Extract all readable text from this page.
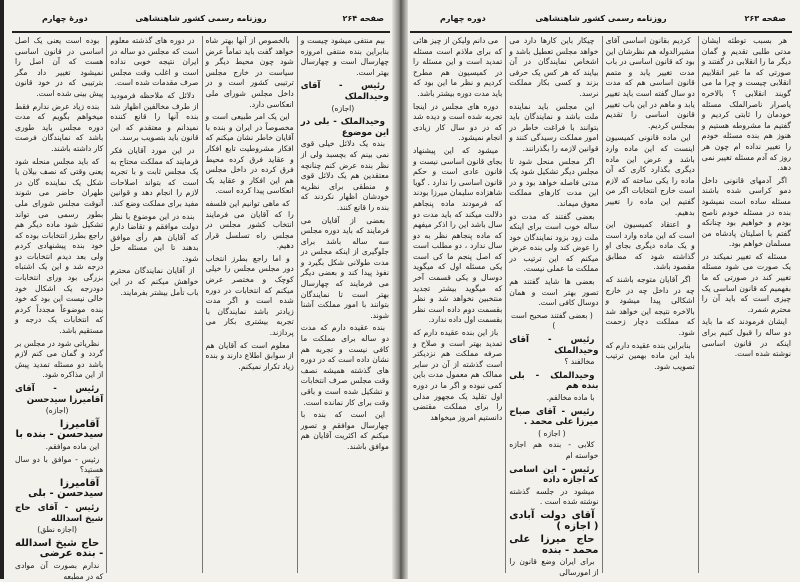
صفحه ۲۶۴
روزنامه رسمی کشور شاهنشاهی
دورهٔ چهارم

بیم منتفی میشود چیست و بنابراین بنده منتفی امروزه چهارسال است و چهارسال بهتر است.

رئیس - آقای وحیدالملک

(اجازه)

وحیدالملک - بلی در این موضوع

بنده یک دلائل خیلی قوی نمی بینم که بچسبد ولی از نظر بنده عرض کنم چنانچه معتقدین هم یک دلائل قوی و منطقی برای نظریه خودشان اظهار نکردند که بنده را قانع کنند.

بعضی از آقایان می فرمایند که باید دوره مجلس سه ساله باشد برای جلوگیری از اینکه مجلس در مدت طولانی شکل بگیرد و نفوذ پیدا کند و بعضی دیگر می فرمایند که چهارسال بهتر است تا نمایندگان بتوانند با امور مملکت آشنا شوند.

بنده عقیده دارم که مدت دو ساله برای مملکت ما کافی نیست و تجربه هم نشان داده است که در دوره های گذشته همیشه نصف وقت مجلس صرف انتخابات و تشکیل شده است و باقی وقت برای کار نمانده است.

این است که بنده با چهارسال موافقم و تصور میکنم که اکثریت آقایان هم موافق باشند.

بالخصوص از آنها بهتر شاه خواهد گفت باید تماماً عرض شود چون محیط دیگر و سیاست در خارج مجلس ترتیبی کشور است و در داخل مجلس شورای ملی انعکاسی دارد.

این یک امر طبیعی است و مخصوصاً در ایران و بنده با آقایان خاطر نشان میکنم که افکار مشروطیت تابع افکار و عقاید فرق کرده محیط فرق کرده در داخل مجلس هم این افکار و عقاید یک انعکاسی پیدا کرده است.

که ماهی توانیم این فلسفه را که آقایان می فرمایند انتخاب کشور مجلس در مجلس راه تسلسل قرار دهیم.

و اما راجع بطرز انتخاب دور مجلس مجلس را خیلی کوچک و مختصر عرض میکنم که انتخابات در دوره شده است و اگر مدت زیادتر باشد نمایندگان با تجربه بیشتری بکار می پردازند.

معلوم است که آقایان هم از سوابق اطلاع دارند و بنده زیاد تکرار نمیکنم.

در دوره های گذشته معلوم است که مجلس دو ساله در ایران نتیجه خوبی نداده است و اغلب وقت مجلس صرف مقدمات شده است.

دلائل که ملاحظه فرمودید از طرف مخالفین اظهار شد بنده آنها را قانع کننده نمیدانم و معتقدم که این قانون باید بتصویب برسد.

در این مورد آقایان فکر فرمایند که مملکت محتاج به یک مجلس ثابت و با تجربه است که بتواند اصلاحات لازم را انجام دهد و قوانین مفید برای مملکت وضع کند.

بنده در این موضوع با نظر دولت موافقم و تقاضا دارم که آقایان هم رأی موافق بدهند تا این مسئله حل شود.

از آقایان نمایندگان محترم خواهش میکنم که در این باب تأمل بیشتر بفرمایند.

بوده است یعنی یک اصل اساسی در قانون اساسی هست که آن اصل را نمیشود تغییر داد مگر بترتیبی که در خود قانون پیش بینی شده است.

بنده زیاد عرض ندارم فقط میخواهم بگویم که مدت دوره مجلس باید طوری باشد که نمایندگان فرصت کار داشته باشند.

که باید مجلس منحله شود یعنی وقتی که نصف بیلان یا شکل یک نماینده گان در طهران حاضر می شوند آنوقت مجلس شورای ملی بطور رسمی می تواند تشکیل شود ماده دیگر هم راجع بطرز انتخابات بوده که خود بنده پیشنهادی کردم ولی بعد دیدم انتخابات دو درجه شد و این یک اشتباه بزرگی بود ورای انتخابات دودرجه یک اشکال خود خالی نیست این بود که خود بنده موضوعاً مجدداً کردم که انتخابات یک درجه و مستقیم باشد.

نظریاتی شود در مجلس بر گردد و گمان می کنم لازم باشد دو مسئله تمدید پیش از این مذاکره شود.

رئیس - آقای آقامیرزا سیدحسن

(اجازه)

آقامیرزا سیدحسن - بنده با

این ماده موافقم.

رئیس - موافق با دو سال هستید؟

آقامیرزا سیدحسن - بلی

رئیس - آقای حاج شیخ اسدالله

(اجازه نطق)

حاج شیخ اسدالله - بنده عرضی

ندارم بصورت آن موادی که در مطبعه

صفحه ۲۶۳
روزنامه رسمی کشور شاهنشاهی
دوره چهارم

هر بسبب توطئه ایشان مدتی طلبی تقدیم و گمان دیگر ما را انقلابی در گفتند و صورتی که ما غیر انقلابیم انقلابی چیست و چرا ما می گویند انقلابی ؟ بالاخره یاصرار ناصرالملک مسئله خودمان را ثابتی کردیم و گفتیم ما مشروطه هستیم و هنوز هم بنده مسئله خودم را تغییر نداده ام چون هر روز که آدم مسئله تغییر نمی دهد.

اگر آدمهای قانونی داخل دمو کراسی شده باشند مسئله ساده است نمیشود بنده در مسئله خودم ناصح بودم و خواهیم بود چنانکه گفتم با اصلیتان پادشاه من مسلمان خواهم بود.

مسئله که تغییر نمیکند در یک صورت می شود مسئله تغییر کند در صورتی که ما بفهمیم که قانون اساسی یک چیزی است که باید آن را محترم شمرد.

ایشان فرمودند که ما باید دو ساله را قبول کنیم برای اینکه در قانون اساسی نوشته شده است.

کردیم بقانون اساسی آقای مشیرالدوله هم نظرشان این بود که قانون اساسی در باب مدت تغییر یابد و متمم قانون اساسی هم که مدت دو سال گفته است باید تغییر یابد و ماهم در این باب تغییر قانون اساسی را تقدیم بمجلس کردیم.

این ماده قانونی کمیسیون اینست که این ماده وارد باشد و عرض این ماده دیگری بگذارد کاری که آن ماده را یکی ساخته که لازم است خارج انتخابات اگر من گفتیم این ماده را تغییر بدهیم.

و اعتقاد کمیسیون این است که این ماده وارد است و یک ماده دیگری بجای او گذاشته شود که مطابق مقصود باشد.

اگر آقایان متوجه باشند که چه در داخل چه در خارج اشکالی پیدا میشود و بالاخره نتیجه این خواهد شد که مملکت دچار زحمت شود.

بنابراین بنده عقیده دارم که باید این ماده بهمین ترتیب تصویب شود.

چیکار باین کارها دارد می خواهد مجلس تعطیل باشد و اشخاص نمایندگان در آن بیایند که هر کس یک حرفی بزند و کسی بکار مملکت نرسد.

این مجلس باید نماینده ملت باشد و نمایندگان باید بتوانند با فراغت خاطر در امور مملکت رسیدگی کنند و قوانین لازمه را بگذرانند.

اگر مجلس منحل شود تا مجلس دیگر تشکیل شود یک مدتی فاصله خواهد بود و در این مدت کارهای مملکت معوق میماند.

بعضی گفتند که مدت دو ساله خوب است برای اینکه ملت زود بزود نمایندگان خود را عوض کند ولی بنده عرض میکنم که این ترتیب در مملکت ما عملی نیست.

بعضی ها شاید گفتند هم تصور بهتر است و همان دوسال کافی است.

( بعضی گفتند صحیح است )

رئیس - آقای وحیدالملک

مخالفند ؟

وحیدالملک - بلی بنده هم

با ماده مخالفم.

رئیس - آقای صباح میرزا علی محمد .

( اجازه )

کلابی - بنده هم اجازه خواسته ام

رئیس - این اسامی که اجازه داده

میشود در جلسه گذشته نوشته شده است .

آقای دولت آبادی ( اجازه )

حاج میرزا علی محمد - بنده

برای ایران وضع قانون را از امورسالی

می دانم ولیکن از چیز هائی که برای ملاذم است مسئله تمدید است و این مسئله را در کمیسیون هم مطرح کردیم و نظر ما این بود که باید مدت دوره بیشتر باشد.

دوره های مجلس در اینجا تجربه شده است و دیده شد که در دو سال کار زیادی انجام نمیشود.

میشود که این پیشنهاد بجای قانون اساسی نیست و قانون عادی است و حکم قانون اساسی را ندارد . گویا شاهزاده سلیمان میرزا بودند که فرمودند ماده پنجاهم دلالت میکند که باید مدت دو سال باشد این را اذکر میفهم که ماده پنجاهم نظر به دو سال ندارد ، دو مطلب است که اصل پنجم ما کی است یکی مسئله اول که میگوید دوسال و یکی قسمت آخر که میگوید بیشتر تجدید منتخبین نخواهد شد و نظر بقسمت دوم داده است نظر بقسمت اول داده ندارد.

باز این بنده عقیده دارم که تمدید بهتر است و صلاح و صرفه مملکت هم نزدیکتر است گذشته از آن در سایر ممالک هم معمول مدت باین کمی نبوده و اگر ما در دوره اول تقلید یک مجهور مدلی را برای مملکت مقتضی دانستیم امروز میخواهد
